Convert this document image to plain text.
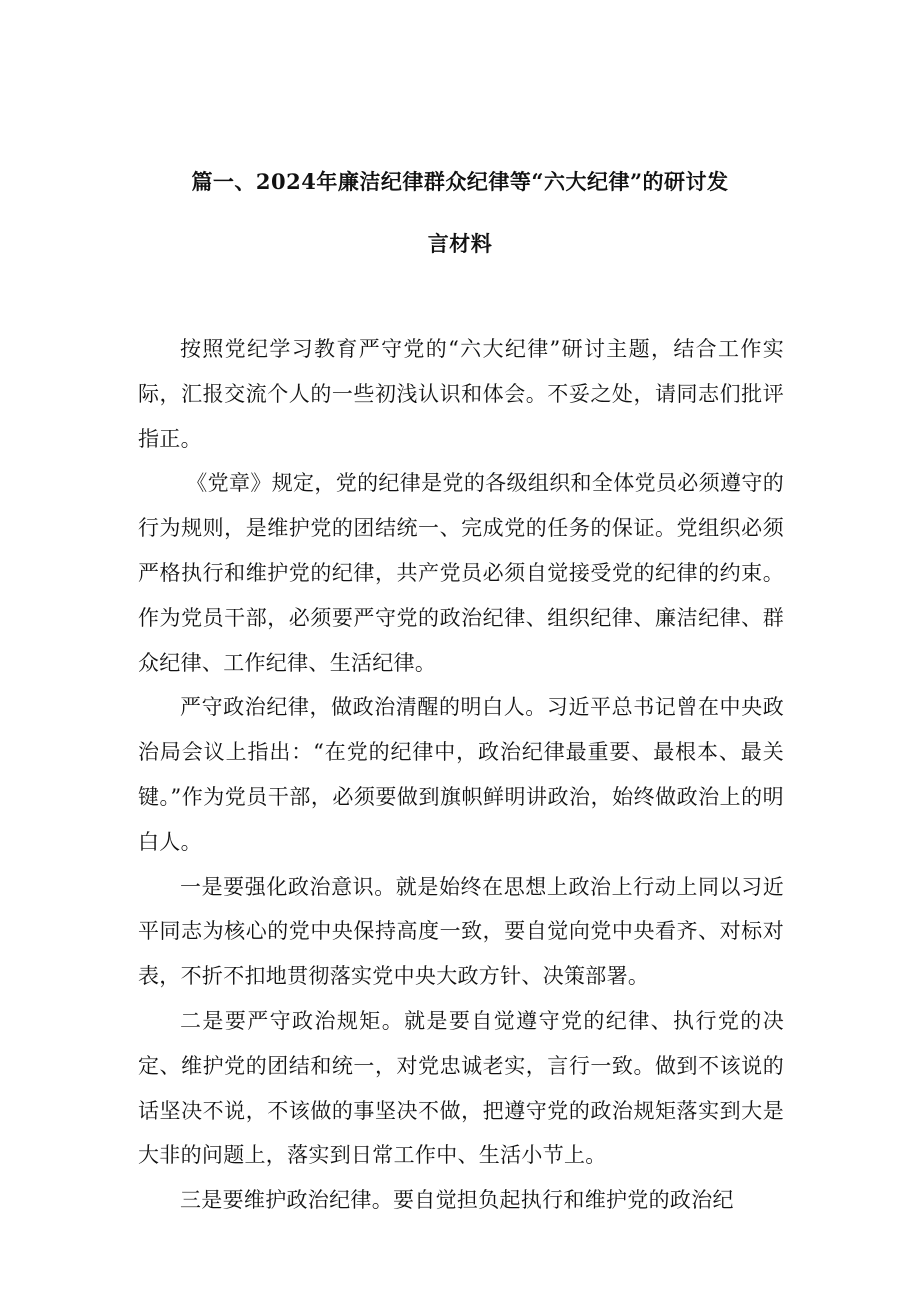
篇一、2024年廉洁纪律群众纪律等“六大纪律”的研讨发
言材料

按照党纪学习教育严守党的“六大纪律”研讨主题，结合工作实际，汇报交流个人的一些初浅认识和体会。不妥之处，请同志们批评指正。

《党章》规定，党的纪律是党的各级组织和全体党员必须遵守的行为规则，是维护党的团结统一、完成党的任务的保证。党组织必须严格执行和维护党的纪律，共产党员必须自觉接受党的纪律的约束。作为党员干部，必须要严守党的政治纪律、组织纪律、廉洁纪律、群众纪律、工作纪律、生活纪律。

严守政治纪律，做政治清醒的明白人。习近平总书记曾在中央政治局会议上指出：“在党的纪律中，政治纪律最重要、最根本、最关键。”作为党员干部，必须要做到旗帜鲜明讲政治，始终做政治上的明白人。

一是要强化政治意识。就是始终在思想上政治上行动上同以习近平同志为核心的党中央保持高度一致，要自觉向党中央看齐、对标对表，不折不扣地贯彻落实党中央大政方针、决策部署。

二是要严守政治规矩。就是要自觉遵守党的纪律、执行党的决定、维护党的团结和统一，对党忠诚老实，言行一致。做到不该说的话坚决不说，不该做的事坚决不做，把遵守党的政治规矩落实到大是大非的问题上，落实到日常工作中、生活小节上。

三是要维护政治纪律。要自觉担负起执行和维护党的政治纪
